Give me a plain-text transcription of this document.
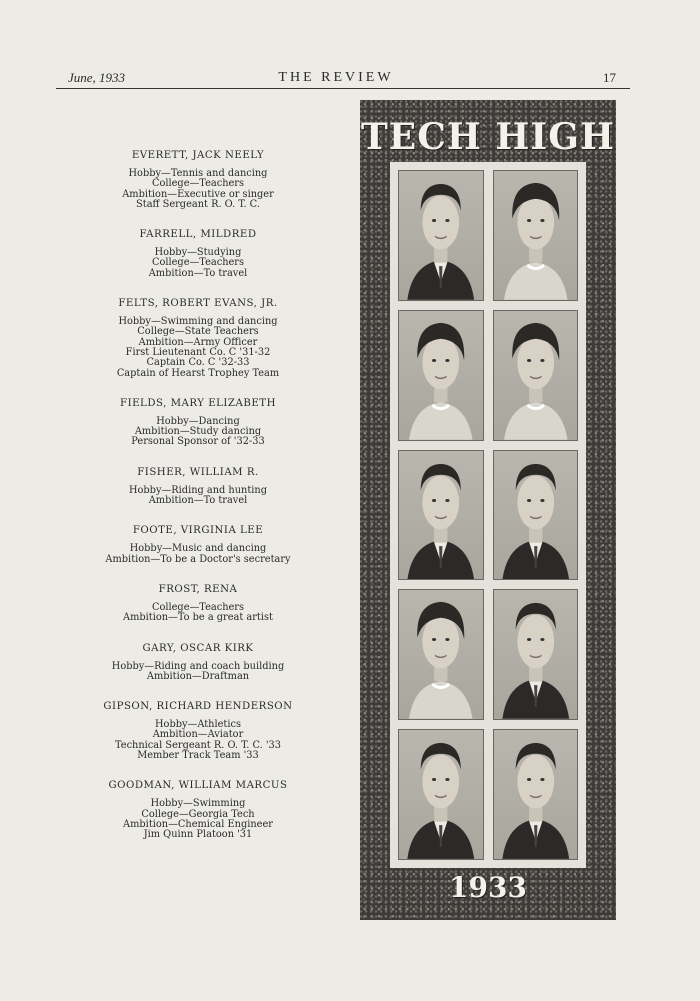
June, 1933	THE REVIEW	17
EVERETT, JACK NEELY
Hobby—Tennis and dancing
College—Teachers
Ambition—Executive or singer
Staff Sergeant R. O. T. C.
FARRELL, MILDRED
Hobby—Studying
College—Teachers
Ambition—To travel
FELTS, ROBERT EVANS, JR.
Hobby—Swimming and dancing
College—State Teachers
Ambition—Army Officer
First Lieutenant Co. C '31-32
Captain Co. C '32-33
Captain of Hearst Trophey Team
FIELDS, MARY ELIZABETH
Hobby—Dancing
Ambition—Study dancing
Personal Sponsor of '32-33
FISHER, WILLIAM R.
Hobby—Riding and hunting
Ambition—To travel
FOOTE, VIRGINIA LEE
Hobby—Music and dancing
Ambition—To be a Doctor's secretary
FROST, RENA
College—Teachers
Ambition—To be a great artist
GARY, OSCAR KIRK
Hobby—Riding and coach building
Ambition—Draftman
GIPSON, RICHARD HENDERSON
Hobby—Athletics
Ambition—Aviator
Technical Sergeant R. O. T. C. '33
Member Track Team '33
GOODMAN, WILLIAM MARCUS
Hobby—Swimming
College—Georgia Tech
Ambition—Chemical Engineer
Jim Quinn Platoon '31
TECH HIGH
1933
